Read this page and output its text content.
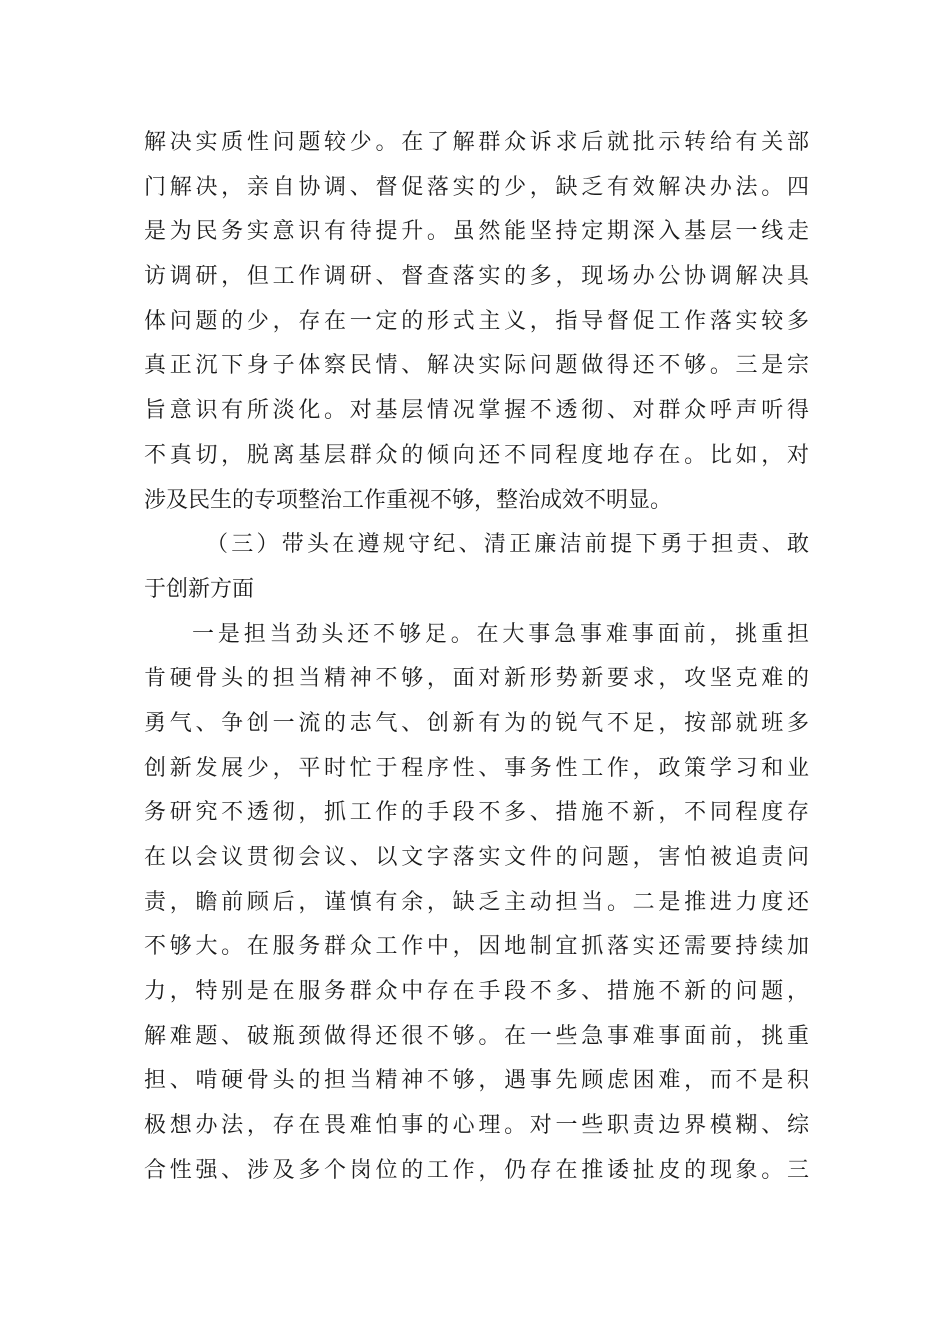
解决实质性问题较少。在了解群众诉求后就批示转给有关部
门解决，亲自协调、督促落实的少，缺乏有效解决办法。四
是为民务实意识有待提升。虽然能坚持定期深入基层一线走
访调研，但工作调研、督查落实的多，现场办公协调解决具
体问题的少，存在一定的形式主义，指导督促工作落实较多
真正沉下身子体察民情、解决实际问题做得还不够。三是宗
旨意识有所淡化。对基层情况掌握不透彻、对群众呼声听得
不真切，脱离基层群众的倾向还不同程度地存在。比如，对
涉及民生的专项整治工作重视不够，整治成效不明显。
（三）带头在遵规守纪、清正廉洁前提下勇于担责、敢
于创新方面
一是担当劲头还不够足。在大事急事难事面前，挑重担
肯硬骨头的担当精神不够，面对新形势新要求，攻坚克难的
勇气、争创一流的志气、创新有为的锐气不足，按部就班多
创新发展少，平时忙于程序性、事务性工作，政策学习和业
务研究不透彻，抓工作的手段不多、措施不新，不同程度存
在以会议贯彻会议、以文字落实文件的问题，害怕被追责问
责，瞻前顾后，谨慎有余，缺乏主动担当。二是推进力度还
不够大。在服务群众工作中，因地制宜抓落实还需要持续加
力，特别是在服务群众中存在手段不多、措施不新的问题，
解难题、破瓶颈做得还很不够。在一些急事难事面前，挑重
担、啃硬骨头的担当精神不够，遇事先顾虑困难，而不是积
极想办法，存在畏难怕事的心理。对一些职责边界模糊、综
合性强、涉及多个岗位的工作，仍存在推诿扯皮的现象。三
